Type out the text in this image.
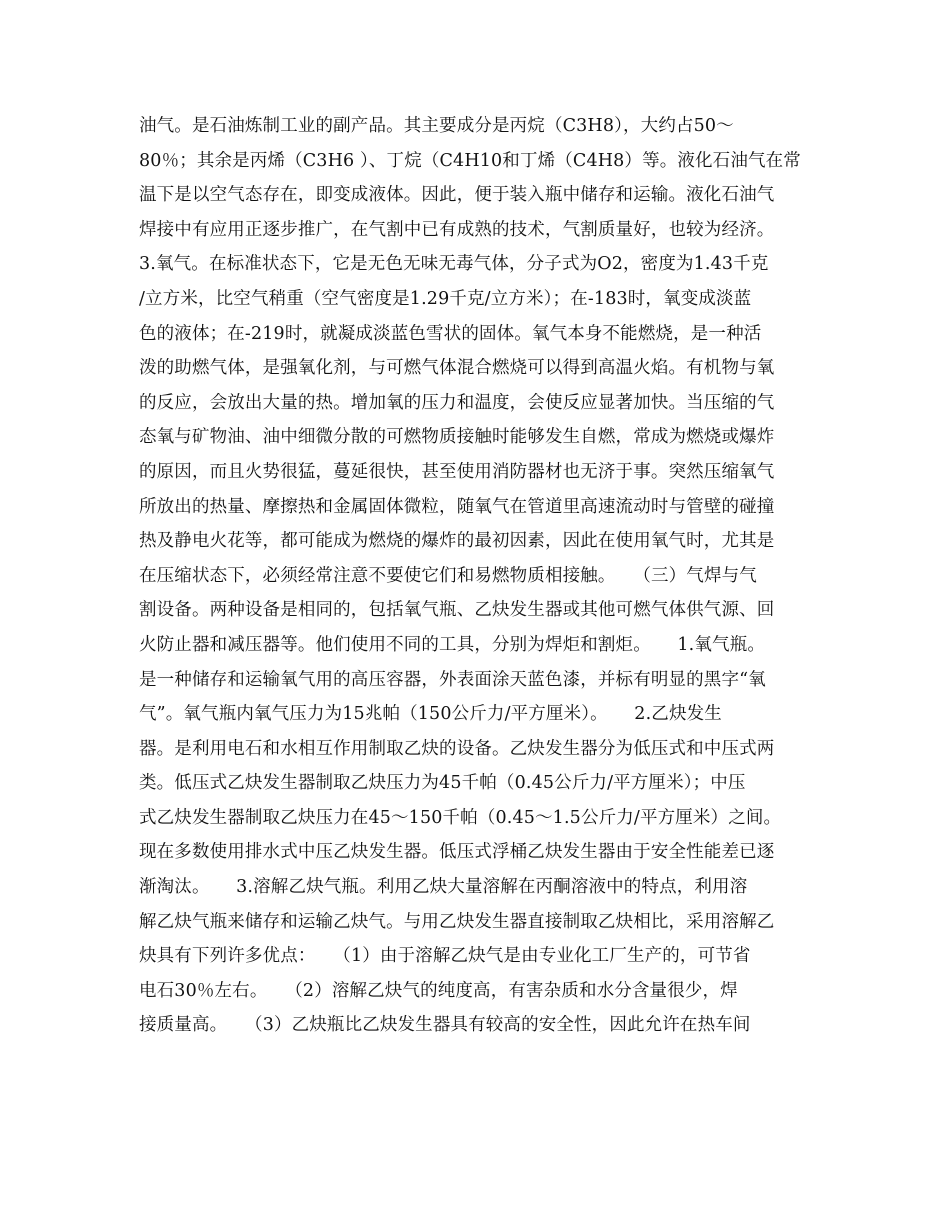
油气。是石油炼制工业的副产品。其主要成分是丙烷（C3H8），大约占50～
80％；其余是丙烯（C3H6 ）、丁烷（C4H10和丁烯（C4H8）等。液化石油气在常
温下是以空气态存在，即变成液体。因此，便于装入瓶中储存和运输。液化石油气
焊接中有应用正逐步推广，在气割中已有成熟的技术，气割质量好，也较为经济。
3.氧气。在标准状态下，它是无色无味无毒气体，分子式为O2，密度为1.43千克
/立方米，比空气稍重（空气密度是1.29千克/立方米）；在-183时，氧变成淡蓝
色的液体；在-219时，就凝成淡蓝色雪状的固体。氧气本身不能燃烧，是一种活
泼的助燃气体，是强氧化剂，与可燃气体混合燃烧可以得到高温火焰。有机物与氧
的反应，会放出大量的热。增加氧的压力和温度，会使反应显著加快。当压缩的气
态氧与矿物油、油中细微分散的可燃物质接触时能够发生自燃，常成为燃烧或爆炸
的原因，而且火势很猛，蔓延很快，甚至使用消防器材也无济于事。突然压缩氧气
所放出的热量、摩擦热和金属固体微粒，随氧气在管道里高速流动时与管壁的碰撞
热及静电火花等，都可能成为燃烧的爆炸的最初因素，因此在使用氧气时，尤其是
在压缩状态下，必须经常注意不要使它们和易燃物质相接触。　　（三）气焊与气
割设备。两种设备是相同的，包括氧气瓶、乙炔发生器或其他可燃气体供气源、回
火防止器和减压器等。他们使用不同的工具，分别为焊炬和割炬。　　1.氧气瓶。
是一种储存和运输氧气用的高压容器，外表面涂天蓝色漆，并标有明显的黑字“氧
气”。氧气瓶内氧气压力为15兆帕（150公斤力/平方厘米）。　　2.乙炔发生
器。是利用电石和水相互作用制取乙炔的设备。乙炔发生器分为低压式和中压式两
类。低压式乙炔发生器制取乙炔压力为45千帕（0.45公斤力/平方厘米）；中压
式乙炔发生器制取乙炔压力在45～150千帕（0.45～1.5公斤力/平方厘米）之间。
现在多数使用排水式中压乙炔发生器。低压式浮桶乙炔发生器由于安全性能差已逐
渐淘汰。　　3.溶解乙炔气瓶。利用乙炔大量溶解在丙酮溶液中的特点，利用溶
解乙炔气瓶来储存和运输乙炔气。与用乙炔发生器直接制取乙炔相比，采用溶解乙
炔具有下列许多优点：　　（1）由于溶解乙炔气是由专业化工厂生产的，可节省
电石30％左右。　　（2）溶解乙炔气的纯度高，有害杂质和水分含量很少，焊
接质量高。　　（3）乙炔瓶比乙炔发生器具有较高的安全性，因此允许在热车间
